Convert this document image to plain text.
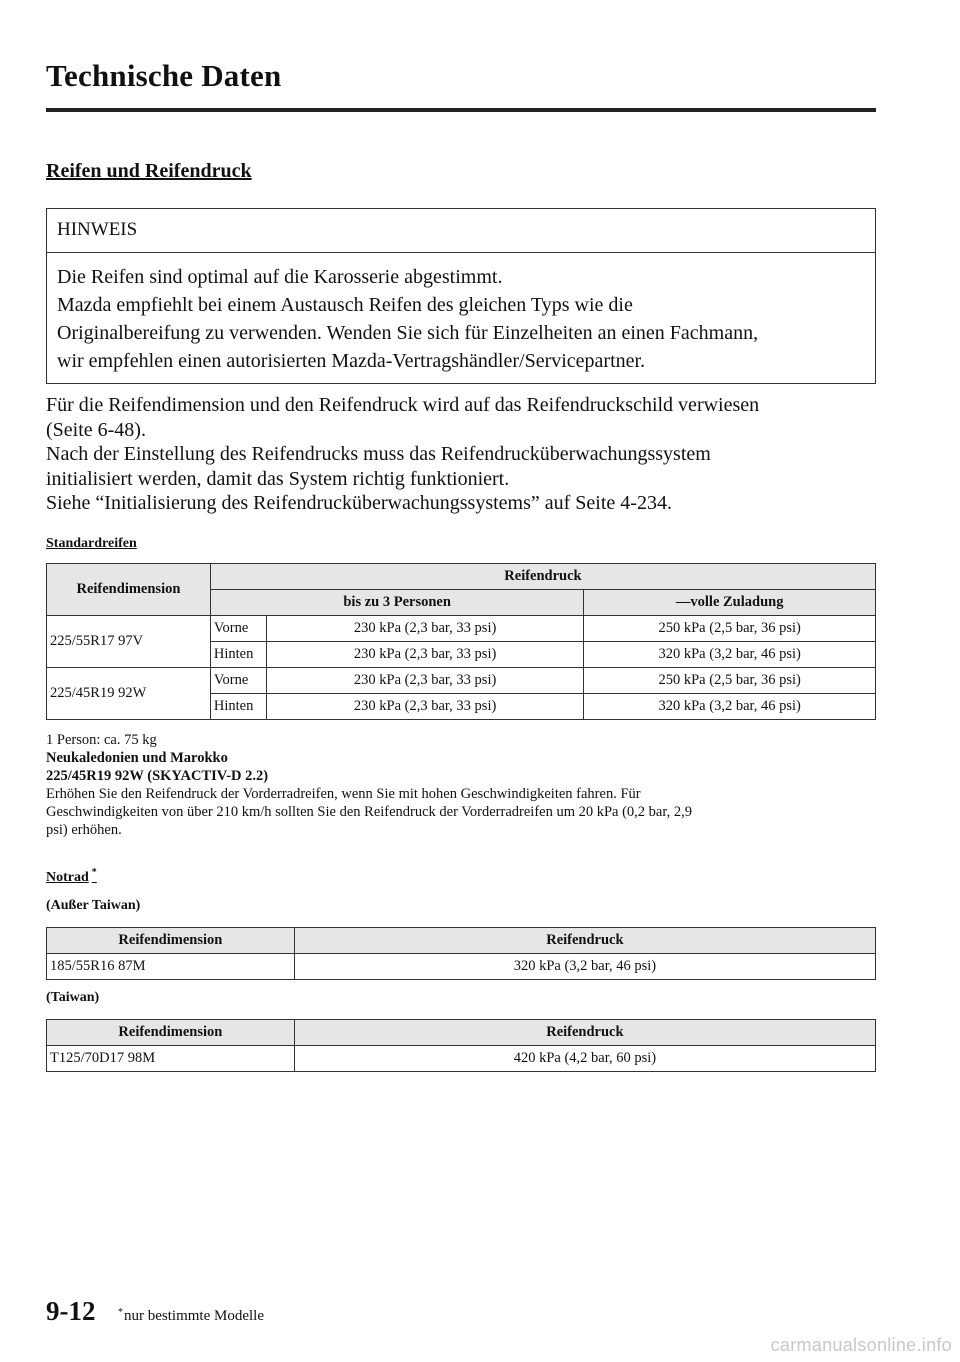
Technische Daten
Reifen und Reifendruck
HINWEIS
Die Reifen sind optimal auf die Karosserie abgestimmt.
Mazda empfiehlt bei einem Austausch Reifen des gleichen Typs wie die
Originalbereifung zu verwenden. Wenden Sie sich für Einzelheiten an einen Fachmann,
wir empfehlen einen autorisierten Mazda-Vertragshändler/Servicepartner.
Für die Reifendimension und den Reifendruck wird auf das Reifendruckschild verwiesen
(Seite 6-48).
Nach der Einstellung des Reifendrucks muss das Reifendrucküberwachungssystem
initialisiert werden, damit das System richtig funktioniert.
Siehe “Initialisierung des Reifendrucküberwachungssystems” auf Seite 4-234.
Standardreifen
Reifendimension	Reifendruck		
	bis zu 3 Personen		—volle Zuladung
225/55R17 97V	Vorne	230 kPa (2,3 bar, 33 psi)	250 kPa (2,5 bar, 36 psi)
	Hinten	230 kPa (2,3 bar, 33 psi)	320 kPa (3,2 bar, 46 psi)
225/45R19 92W	Vorne	230 kPa (2,3 bar, 33 psi)	250 kPa (2,5 bar, 36 psi)
	Hinten	230 kPa (2,3 bar, 33 psi)	320 kPa (3,2 bar, 46 psi)
1 Person: ca. 75 kg
Neukaledonien und Marokko
225/45R19 92W (SKYACTIV-D 2.2)
Erhöhen Sie den Reifendruck der Vorderradreifen, wenn Sie mit hohen Geschwindigkeiten fahren. Für
Geschwindigkeiten von über 210 km/h sollten Sie den Reifendruck der Vorderradreifen um 20 kPa (0,2 bar, 2,9
psi) erhöhen.
Notrad *
(Außer Taiwan)
Reifendimension	Reifendruck
185/55R16 87M	320 kPa (3,2 bar, 46 psi)
(Taiwan)
Reifendimension	Reifendruck
T125/70D17 98M	420 kPa (4,2 bar, 60 psi)
9-12 *nur bestimmte Modelle
carmanualsonline.info
